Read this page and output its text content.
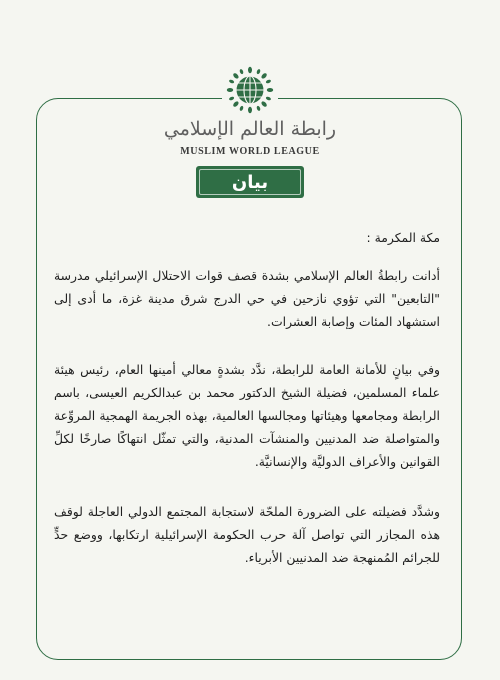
رابطة العالم الإسلامي
MUSLIM WORLD LEAGUE
بيان

مكة المكرمة :

أدانت رابطةُ العالم الإسلامي بشدة قصف قوات الاحتلال الإسرائيلي مدرسة "التابعين" التي تؤوي نازحين في حي الدرج شرق مدينة غزة، ما أدى إلى استشهاد المئات وإصابة العشرات.

وفي بيانٍ للأمانة العامة للرابطة، ندَّد بشدةٍ معالي أمينها العام، رئيس هيئة علماء المسلمين، فضيلة الشيخ الدكتور محمد بن عبدالكريم العيسى، باسم الرابطة ومجامعها وهيئاتها ومجالسها العالمية، بهذه الجريمة الهمجية المروِّعة والمتواصلة ضد المدنيين والمنشآت المدنية، والتي تمثّل انتهاكًا صارخًا لكلِّ القوانين والأعراف الدوليَّة والإنسانيَّة.

وشدَّد فضيلته على الضرورة الملحّة لاستجابة المجتمع الدولي العاجلة لوقف هذه المجازر التي تواصل آلة حرب الحكومة الإسرائيلية ارتكابها، ووضع حدٍّ للجرائم المُمنهجة ضد المدنيين الأبرياء.
